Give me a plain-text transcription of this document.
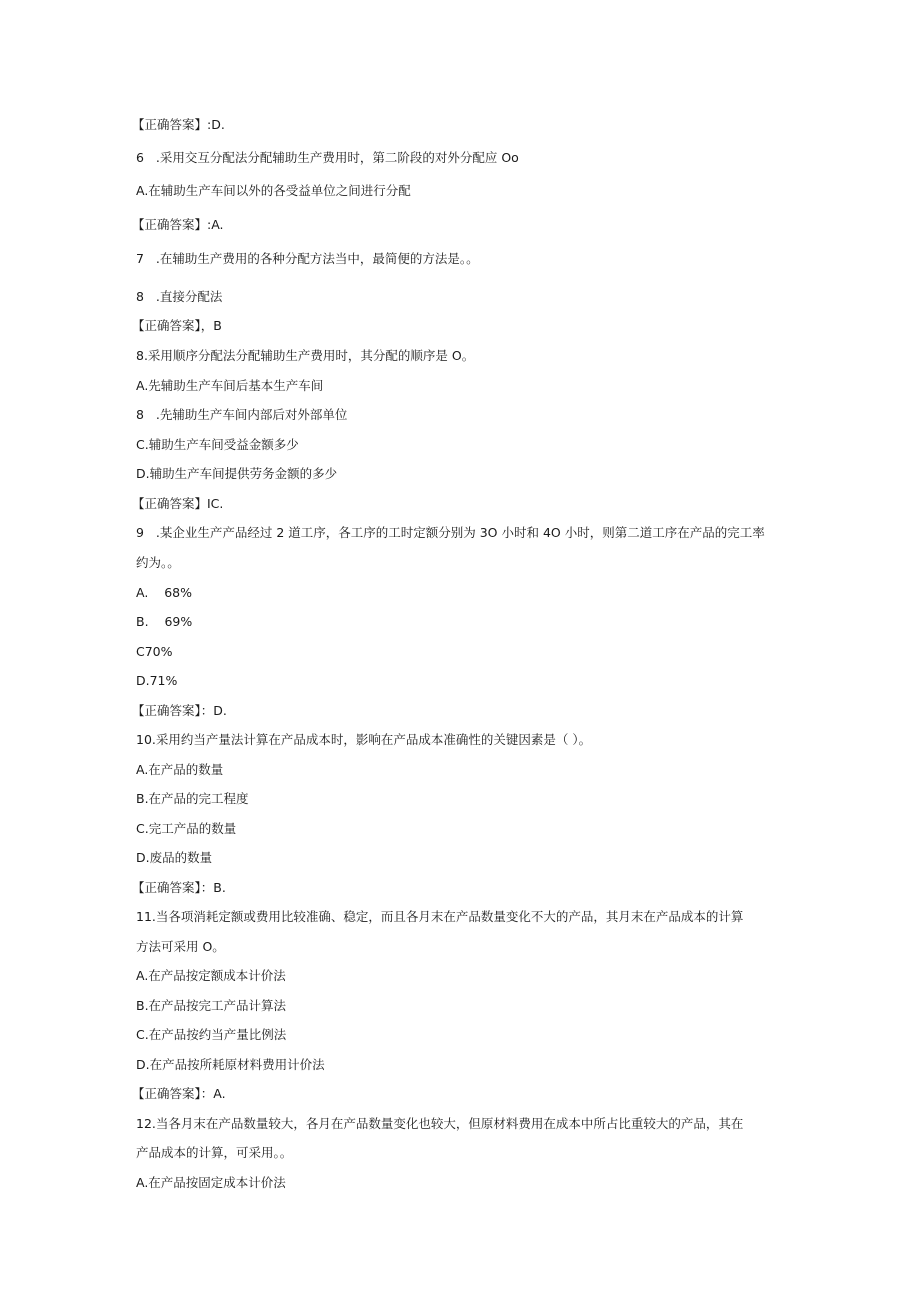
【正确答案】:D.
6   .采用交互分配法分配辅助生产费用时，第二阶段的对外分配应 Oo
A.在辅助生产车间以外的各受益单位之间进行分配
【正确答案】:A.
7   .在辅助生产费用的各种分配方法当中，最简便的方法是。。
8   .直接分配法
【正确答案】，B
8.采用顺序分配法分配辅助生产费用时，其分配的顺序是 O。
A.先辅助生产车间后基本生产车间
8   .先辅助生产车间内部后对外部单位
C.辅助生产车间受益金额多少
D.辅助生产车间提供劳务金额的多少
【正确答案】IC.
9   .某企业生产产品经过 2 道工序，各工序的工时定额分别为 3O 小时和 4O 小时，则第二道工序在产品的完工率
约为。。
A.    68%
B.    69%
C70%
D.71%
【正确答案】：D.
10.采用约当产量法计算在产品成本时，影响在产品成本准确性的关键因素是（ ）。
A.在产品的数量
B.在产品的完工程度
C.完工产品的数量
D.废品的数量
【正确答案】：B.
11.当各项消耗定额或费用比较准确、稳定，而且各月末在产品数量变化不大的产品，其月末在产品成本的计算
方法可采用 O。
A.在产品按定额成本计价法
B.在产品按完工产品计算法
C.在产品按约当产量比例法
D.在产品按所耗原材料费用计价法
【正确答案】：A.
12.当各月末在产品数量较大，各月在产品数量变化也较大，但原材料费用在成本中所占比重较大的产品，其在
产品成本的计算，可采用。。
A.在产品按固定成本计价法
